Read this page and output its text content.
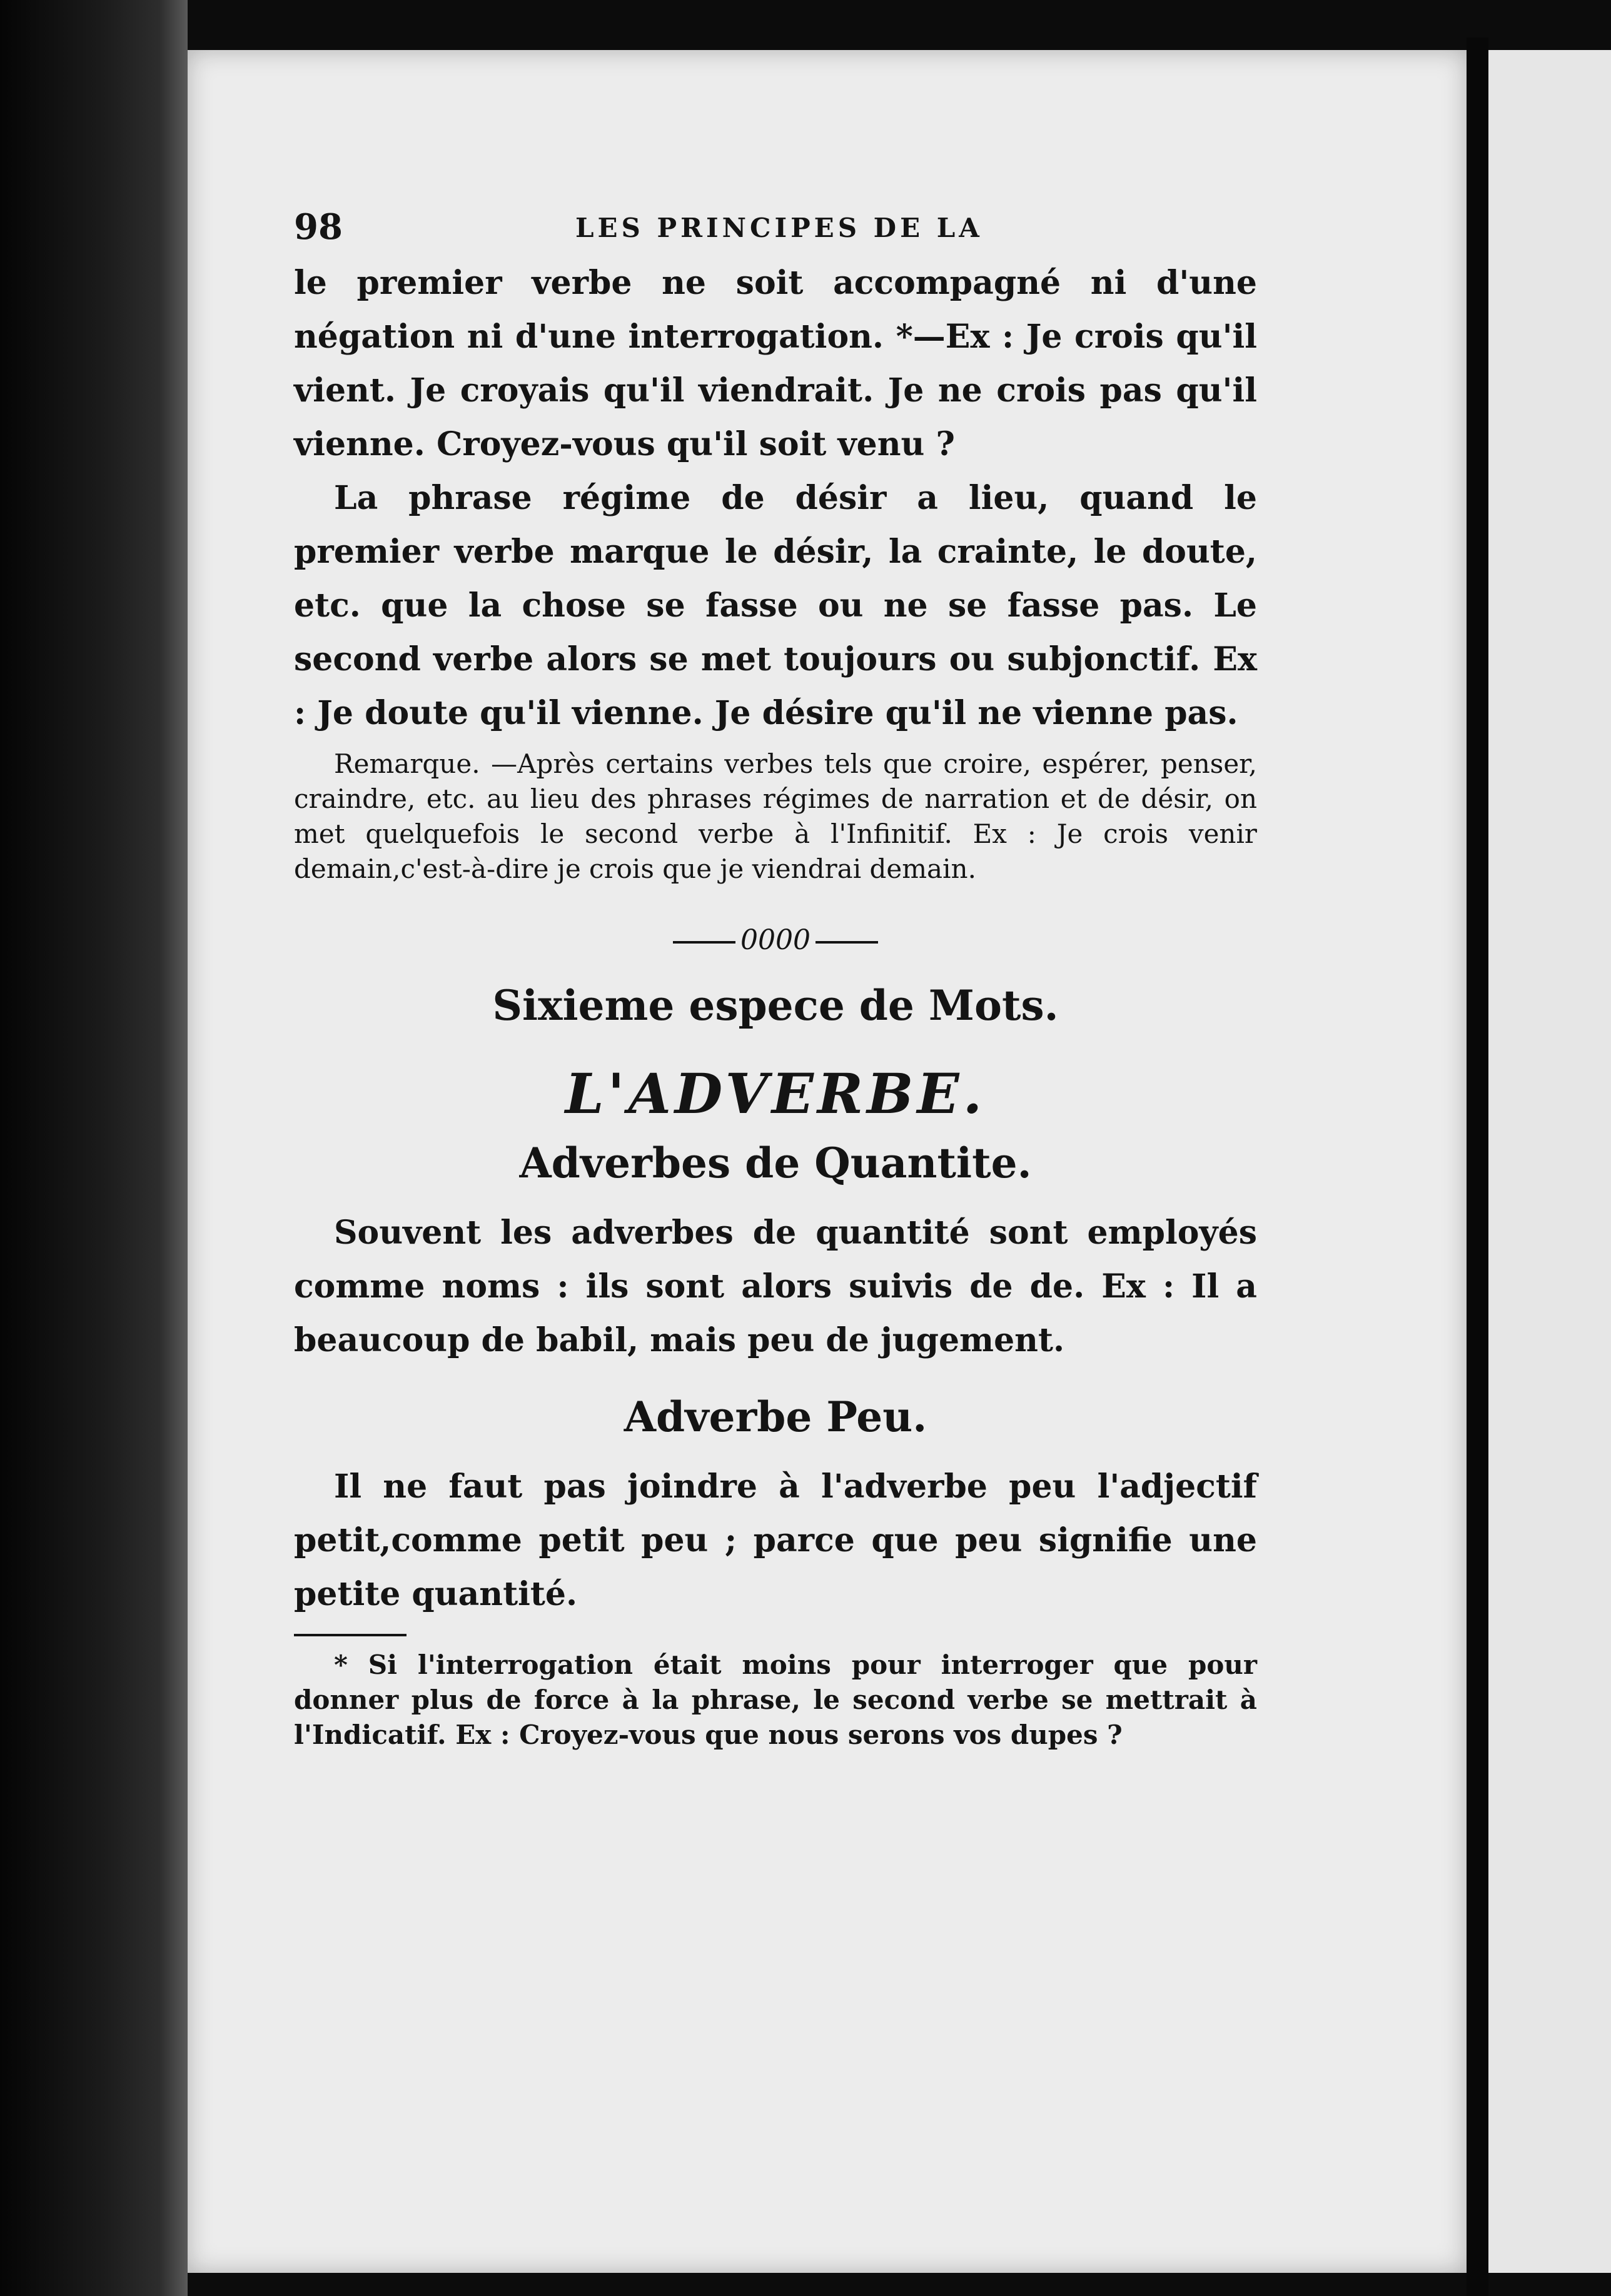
98	LES PRINCIPES DE LA

le premier verbe ne soit accompagné ni d'une négation ni d'une interrogation. *—Ex : Je crois qu'il vient. Je croyais qu'il viendrait. Je ne crois pas qu'il vienne. Croyez-vous qu'il soit venu ?

La phrase régime de désir a lieu, quand le premier verbe marque le désir, la crainte, le doute, etc. que la chose se fasse ou ne se fasse pas. Le second verbe alors se met toujours ou subjonctif. Ex : Je doute qu'il vienne. Je désire qu'il ne vienne pas.

Remarque. —Après certains verbes tels que croire, espérer, penser, craindre, etc. au lieu des phrases régimes de narration et de désir, on met quelquefois le second verbe à l'Infinitif. Ex : Je crois venir demain,c'est-à-dire je crois que je viendrai demain.

0000
Sixieme espece de Mots.
L'ADVERBE.
Adverbes de Quantite.

Souvent les adverbes de quantité sont employés comme noms : ils sont alors suivis de de. Ex : Il a beaucoup de babil, mais peu de jugement.

Adverbe Peu.

Il ne faut pas joindre à l'adverbe peu l'adjectif petit,comme petit peu ; parce que peu signifie une petite quantité.

* Si l'interrogation était moins pour interroger que pour donner plus de force à la phrase, le second verbe se mettrait à l'Indicatif. Ex : Croyez-vous que nous serons vos dupes ?
